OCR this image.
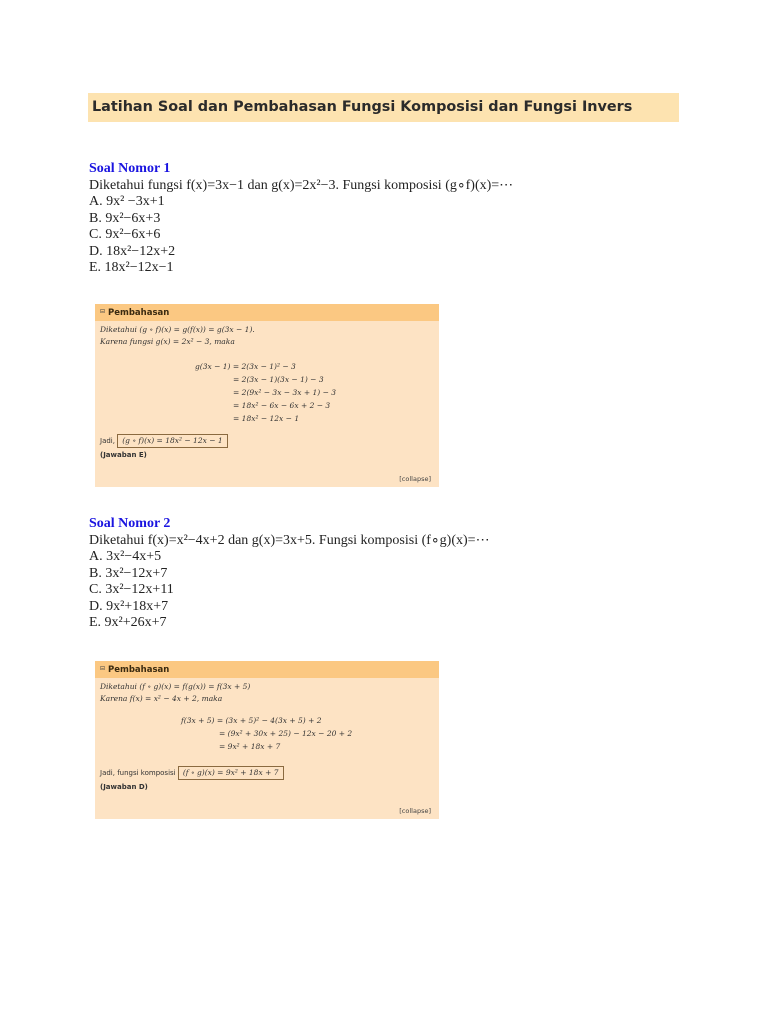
Latihan Soal dan Pembahasan Fungsi Komposisi dan Fungsi Invers
Soal Nomor 1
Diketahui fungsi f(x)=3x−1 dan g(x)=2x²−3. Fungsi komposisi (g∘f)(x)=⋯
A. 9x² −3x+1
B. 9x²−6x+3
C. 9x²−6x+6
D. 18x²−12x+2
E. 18x²−12x−1
⊟ Pembahasan
Diketahui (g ∘ f)(x) = g(f(x)) = g(3x − 1).
Karena fungsi g(x) = 2x² − 3, maka
g(3x − 1) = 2(3x − 1)² − 3
= 2(3x − 1)(3x − 1) − 3
= 2(9x² − 3x − 3x + 1) − 3
= 18x² − 6x − 6x + 2 − 3
= 18x² − 12x − 1
Jadi, (g ∘ f)(x) = 18x² − 12x − 1
(Jawaban E)
[collapse]
Soal Nomor 2
Diketahui f(x)=x²−4x+2 dan g(x)=3x+5. Fungsi komposisi (f∘g)(x)=⋯
A. 3x²−4x+5
B. 3x²−12x+7
C. 3x²−12x+11
D. 9x²+18x+7
E. 9x²+26x+7
⊟ Pembahasan
Diketahui (f ∘ g)(x) = f(g(x)) = f(3x + 5)
Karena f(x) = x² − 4x + 2, maka
f(3x + 5) = (3x + 5)² − 4(3x + 5) + 2
= (9x² + 30x + 25) − 12x − 20 + 2
= 9x² + 18x + 7
Jadi, fungsi komposisi (f ∘ g)(x) = 9x² + 18x + 7
(Jawaban D)
[collapse]
